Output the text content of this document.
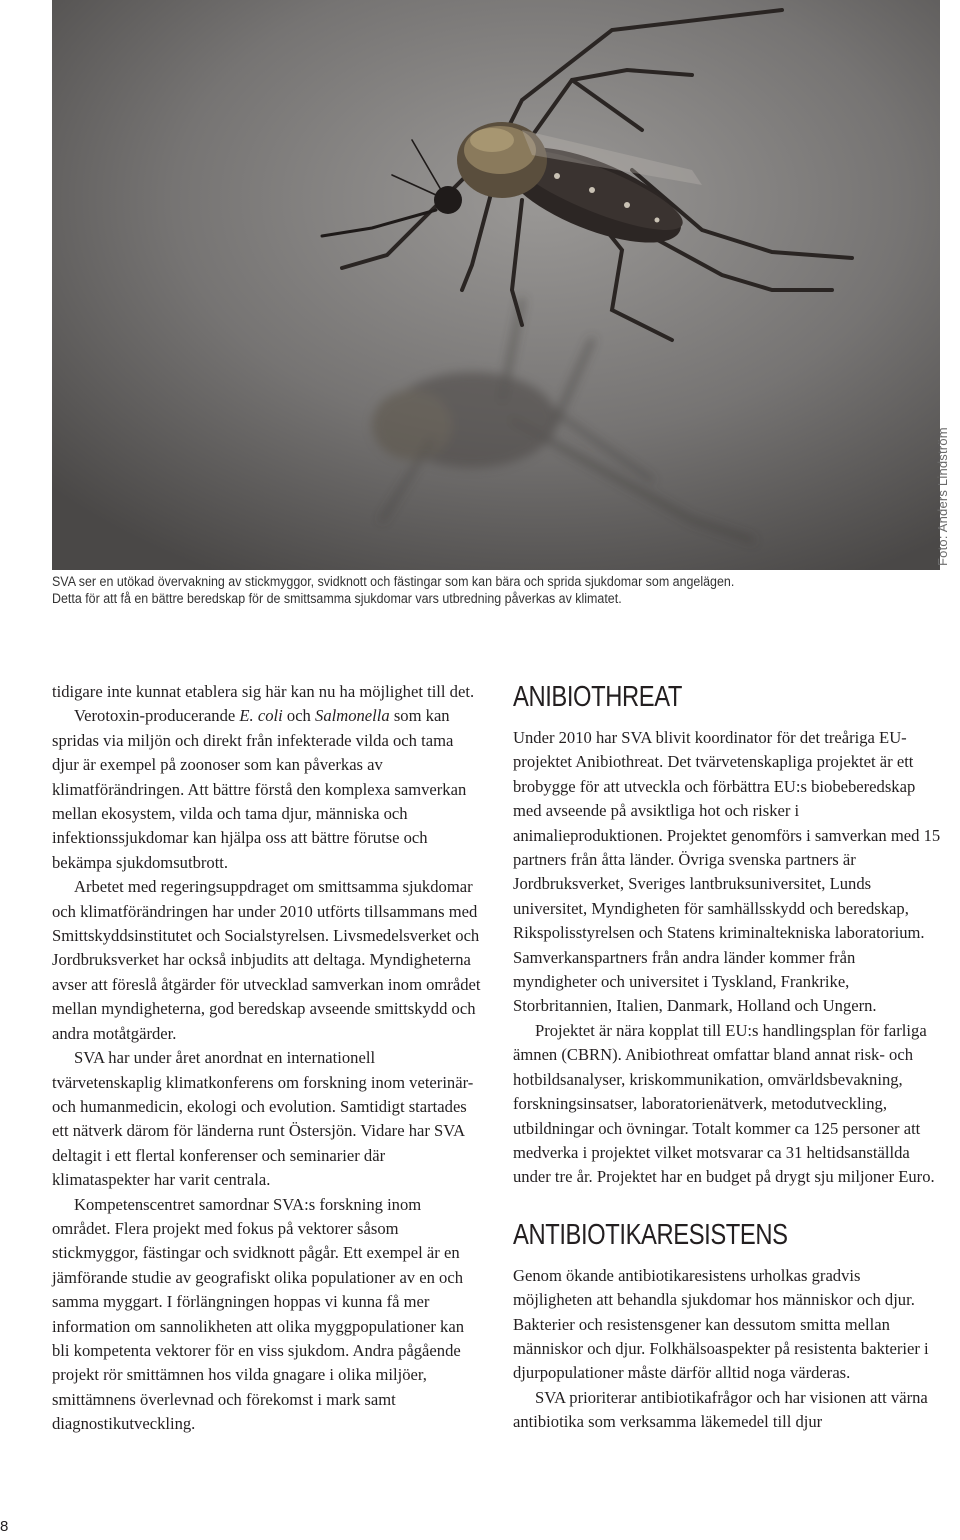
Foto: Anders Lindström

SVA ser en utökad övervakning av stickmyggor, svidknott och fästingar som kan bära och sprida sjukdomar som angelägen.

Detta för att få en bättre beredskap för de smittsamma sjukdomar vars utbredning påverkas av klimatet.

tidigare inte kunnat etablera sig här kan nu ha möjlighet till det.

Verotoxin-producerande E. coli och Salmonella som kan spridas via miljön och direkt från infekterade vilda och tama djur är exempel på zoonoser som kan påverkas av klimatförändringen. Att bättre förstå den komplexa samverkan mellan ekosystem, vilda och tama djur, människa och infektionssjukdomar kan hjälpa oss att bättre förutse och bekämpa sjukdomsutbrott.

Arbetet med regeringsuppdraget om smittsamma sjukdomar och klimatförändringen har under 2010 utförts tillsammans med Smittskyddsinstitutet och Socialstyrelsen. Livsmedelsverket och Jordbruksverket har också inbjudits att deltaga. Myndigheterna avser att föreslå åtgärder för utvecklad samverkan inom området mellan myndigheterna, god beredskap avseende smittskydd och andra motåtgärder.

SVA har under året anordnat en internationell tvärvetenskaplig klimatkonferens om forskning inom veterinär- och humanmedicin, ekologi och evolution. Samtidigt startades ett nätverk därom för länderna runt Östersjön. Vidare har SVA deltagit i ett flertal konferenser och seminarier där klimataspekter har varit centrala.

Kompetenscentret samordnar SVA:s forskning inom området. Flera projekt med fokus på vektorer såsom stickmyggor, fästingar och svidknott pågår. Ett exempel är en jämförande studie av geografiskt olika populationer av en och samma myggart. I förlängningen hoppas vi kunna få mer information om sannolikheten att olika myggpopulationer kan bli kompetenta vektorer för en viss sjukdom. Andra pågående projekt rör smittämnen hos vilda gnagare i olika miljöer, smittämnens överlevnad och förekomst i mark samt diagnostikutveckling.

ANIBIOTHREAT

Under 2010 har SVA blivit koordinator för det treåriga EU-projektet Anibiothreat. Det tvärvetenskapliga projektet är ett brobygge för att utveckla och förbättra EU:s biobeberedskap med avseende på avsiktliga hot och risker i animalieproduktionen. Projektet genomförs i samverkan med 15 partners från åtta länder. Övriga svenska partners är Jordbruksverket, Sveriges lantbruksuniversitet, Lunds universitet, Myndigheten för samhällsskydd och beredskap, Rikspolisstyrelsen och Statens kriminaltekniska laboratorium. Samverkanspartners från andra länder kommer från myndigheter och universitet i Tyskland, Frankrike, Storbritannien, Italien, Danmark, Holland och Ungern.

Projektet är nära kopplat till EU:s handlingsplan för farliga ämnen (CBRN). Anibiothreat omfattar bland annat risk- och hotbildsanalyser, kriskommunikation, omvärldsbevakning, forskningsinsatser, laboratorienätverk, metodutveckling, utbildningar och övningar. Totalt kommer ca 125 personer att medverka i projektet vilket motsvarar ca 31 heltidsanställda under tre år. Projektet har en budget på drygt sju miljoner Euro.

ANTIBIOTIKARESISTENS

Genom ökande antibiotikaresistens urholkas gradvis möjligheten att behandla sjukdomar hos människor och djur. Bakterier och resistensgener kan dessutom smitta mellan människor och djur. Folkhälsoaspekter på resistenta bakterier i djurpopulationer måste därför alltid noga värderas.

SVA prioriterar antibiotikafrågor och har visionen att värna antibiotika som verksamma läkemedel till djur

8
